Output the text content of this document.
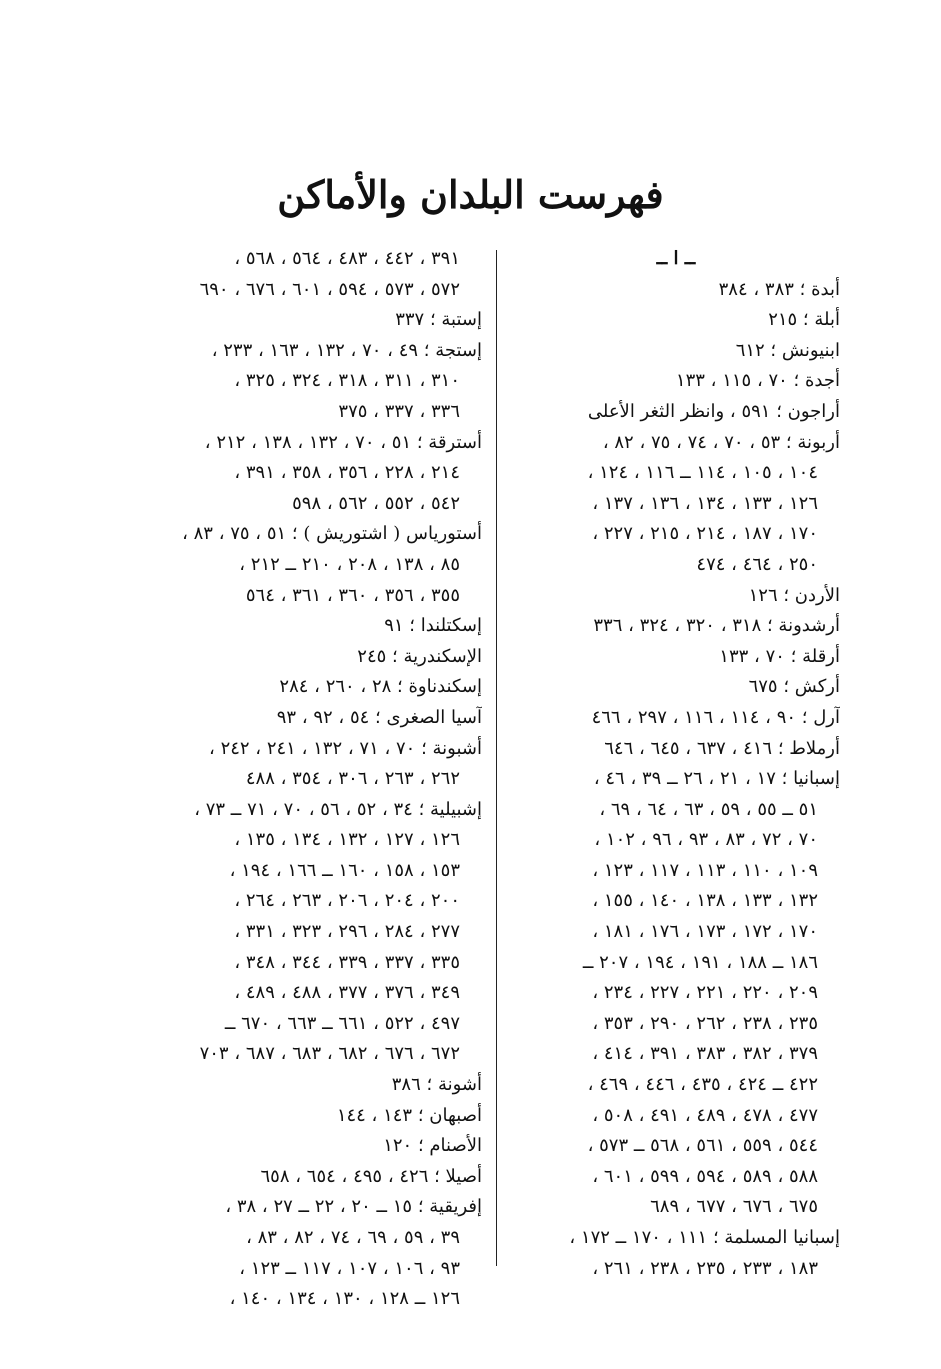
فهرست البلدان والأماكن
ــ ا ــ
أبدة ؛ ٣٨٣ ، ٣٨٤
أبلة ؛ ٢١٥
ابنيونش ؛ ٦١٢
أجدة ؛ ٧٠ ، ١١٥ ، ١٣٣
أراجون ؛ ٥٩١ ، وانظر الثغر الأعلى
أربونة ؛ ٥٣ ، ٧٠ ، ٧٤ ، ٧٥ ، ٨٢ ،
١٠٤ ، ١٠٥ ، ١١٤ ــ ١١٦ ، ١٢٤ ،
١٢٦ ، ١٣٣ ، ١٣٤ ، ١٣٦ ، ١٣٧ ،
١٧٠ ، ١٨٧ ، ٢١٤ ، ٢١٥ ، ٢٢٧ ،
٢٥٠ ، ٤٦٤ ، ٤٧٤
الأردن ؛ ١٢٦
أرشدونة ؛ ٣١٨ ، ٣٢٠ ، ٣٢٤ ، ٣٣٦
أرقلة ؛ ٧٠ ، ١٣٣
أركش ؛ ٦٧٥
آرل ؛ ٩٠ ، ١١٤ ، ١١٦ ، ٢٩٧ ، ٤٦٦
أرملاط ؛ ٤١٦ ، ٦٣٧ ، ٦٤٥ ، ٦٤٦
إسبانيا ؛ ١٧ ، ٢١ ، ٢٦ ــ ٣٩ ، ٤٦ ،
٥١ ــ ٥٥ ، ٥٩ ، ٦٣ ، ٦٤ ، ٦٩ ،
٧٠ ، ٧٢ ، ٨٣ ، ٩٣ ، ٩٦ ، ١٠٢ ،
١٠٩ ، ١١٠ ، ١١٣ ، ١١٧ ، ١٢٣ ،
١٣٢ ، ١٣٣ ، ١٣٨ ، ١٤٠ ، ١٥٥ ،
١٧٠ ، ١٧٢ ، ١٧٣ ، ١٧٦ ، ١٨١ ،
١٨٦ ــ ١٨٨ ، ١٩١ ، ١٩٤ ، ٢٠٧ ــ
٢٠٩ ، ٢٢٠ ، ٢٢١ ، ٢٢٧ ، ٢٣٤ ،
٢٣٥ ، ٢٣٨ ، ٢٦٢ ، ٢٩٠ ، ٣٥٣ ،
٣٧٩ ، ٣٨٢ ، ٣٨٣ ، ٣٩١ ، ٤١٤ ،
٤٢٢ ــ ٤٢٤ ، ٤٣٥ ، ٤٤٦ ، ٤٦٩ ،
٤٧٧ ، ٤٧٨ ، ٤٨٩ ، ٤٩١ ، ٥٠٨ ،
٥٤٤ ، ٥٥٩ ، ٥٦١ ، ٥٦٨ ــ ٥٧٣ ،
٥٨٨ ، ٥٨٩ ، ٥٩٤ ، ٥٩٩ ، ٦٠١ ،
٦٧٥ ، ٦٧٦ ، ٦٧٧ ، ٦٨٩
إسبانيا المسلمة ؛ ١١١ ، ١٧٠ ــ ١٧٢ ،
١٨٣ ، ٢٣٣ ، ٢٣٥ ، ٢٣٨ ، ٢٦١ ،
٣٩١ ، ٤٤٢ ، ٤٨٣ ، ٥٦٤ ، ٥٦٨ ،
٥٧٢ ، ٥٧٣ ، ٥٩٤ ، ٦٠١ ، ٦٧٦ ، ٦٩٠
إستبة ؛ ٣٣٧
إستجة ؛ ٤٩ ، ٧٠ ، ١٣٢ ، ١٦٣ ، ٢٣٣ ،
٣١٠ ، ٣١١ ، ٣١٨ ، ٣٢٤ ، ٣٢٥ ،
٣٣٦ ، ٣٣٧ ، ٣٧٥
أسترقة ؛ ٥١ ، ٧٠ ، ١٣٢ ، ١٣٨ ، ٢١٢ ،
٢١٤ ، ٢٢٨ ، ٣٥٦ ، ٣٥٨ ، ٣٩١ ،
٥٤٢ ، ٥٥٢ ، ٥٦٢ ، ٥٩٨
أستورياس ( اشتوريش ) ؛ ٥١ ، ٧٥ ، ٨٣ ،
٨٥ ، ١٣٨ ، ٢٠٨ ، ٢١٠ ــ ٢١٢ ،
٣٥٥ ، ٣٥٦ ، ٣٦٠ ، ٣٦١ ، ٥٦٤
إسكتلندا ؛ ٩١
الإسكندرية ؛ ٢٤٥
إسكندناوة ؛ ٢٨ ، ٢٦٠ ، ٢٨٤
آسيا الصغرى ؛ ٥٤ ، ٩٢ ، ٩٣
أشبونة ؛ ٧٠ ، ٧١ ، ١٣٢ ، ٢٤١ ، ٢٤٢ ،
٢٦٢ ، ٢٦٣ ، ٣٠٦ ، ٣٥٤ ، ٤٨٨
إشبيلية ؛ ٣٤ ، ٥٢ ، ٥٦ ، ٧٠ ، ٧١ ــ ٧٣ ،
١٢٦ ، ١٢٧ ، ١٣٢ ، ١٣٤ ، ١٣٥ ،
١٥٣ ، ١٥٨ ، ١٦٠ ــ ١٦٦ ، ١٩٤ ،
٢٠٠ ، ٢٠٤ ، ٢٠٦ ، ٢٦٣ ، ٢٦٤ ،
٢٧٧ ، ٢٨٤ ، ٢٩٦ ، ٣٢٣ ، ٣٣١ ،
٣٣٥ ، ٣٣٧ ، ٣٣٩ ، ٣٤٤ ، ٣٤٨ ،
٣٤٩ ، ٣٧٦ ، ٣٧٧ ، ٤٨٨ ، ٤٨٩ ،
٤٩٧ ، ٥٢٢ ، ٦٦١ ــ ٦٦٣ ، ٦٧٠ ــ
٦٧٢ ، ٦٧٦ ، ٦٨٢ ، ٦٨٣ ، ٦٨٧ ، ٧٠٣
أشونة ؛ ٣٨٦
أصبهان ؛ ١٤٣ ، ١٤٤
الأصنام ؛ ١٢٠
أصيلا ؛ ٤٢٦ ، ٤٩٥ ، ٦٥٤ ، ٦٥٨
إفريقية ؛ ١٥ ــ ٢٠ ، ٢٢ ــ ٢٧ ، ٣٨ ،
٣٩ ، ٥٩ ، ٦٩ ، ٧٤ ، ٨٢ ، ٨٣ ،
٩٣ ، ١٠٦ ، ١٠٧ ، ١١٧ ــ ١٢٣ ،
١٢٦ ــ ١٢٨ ، ١٣٠ ، ١٣٤ ، ١٤٠ ،
